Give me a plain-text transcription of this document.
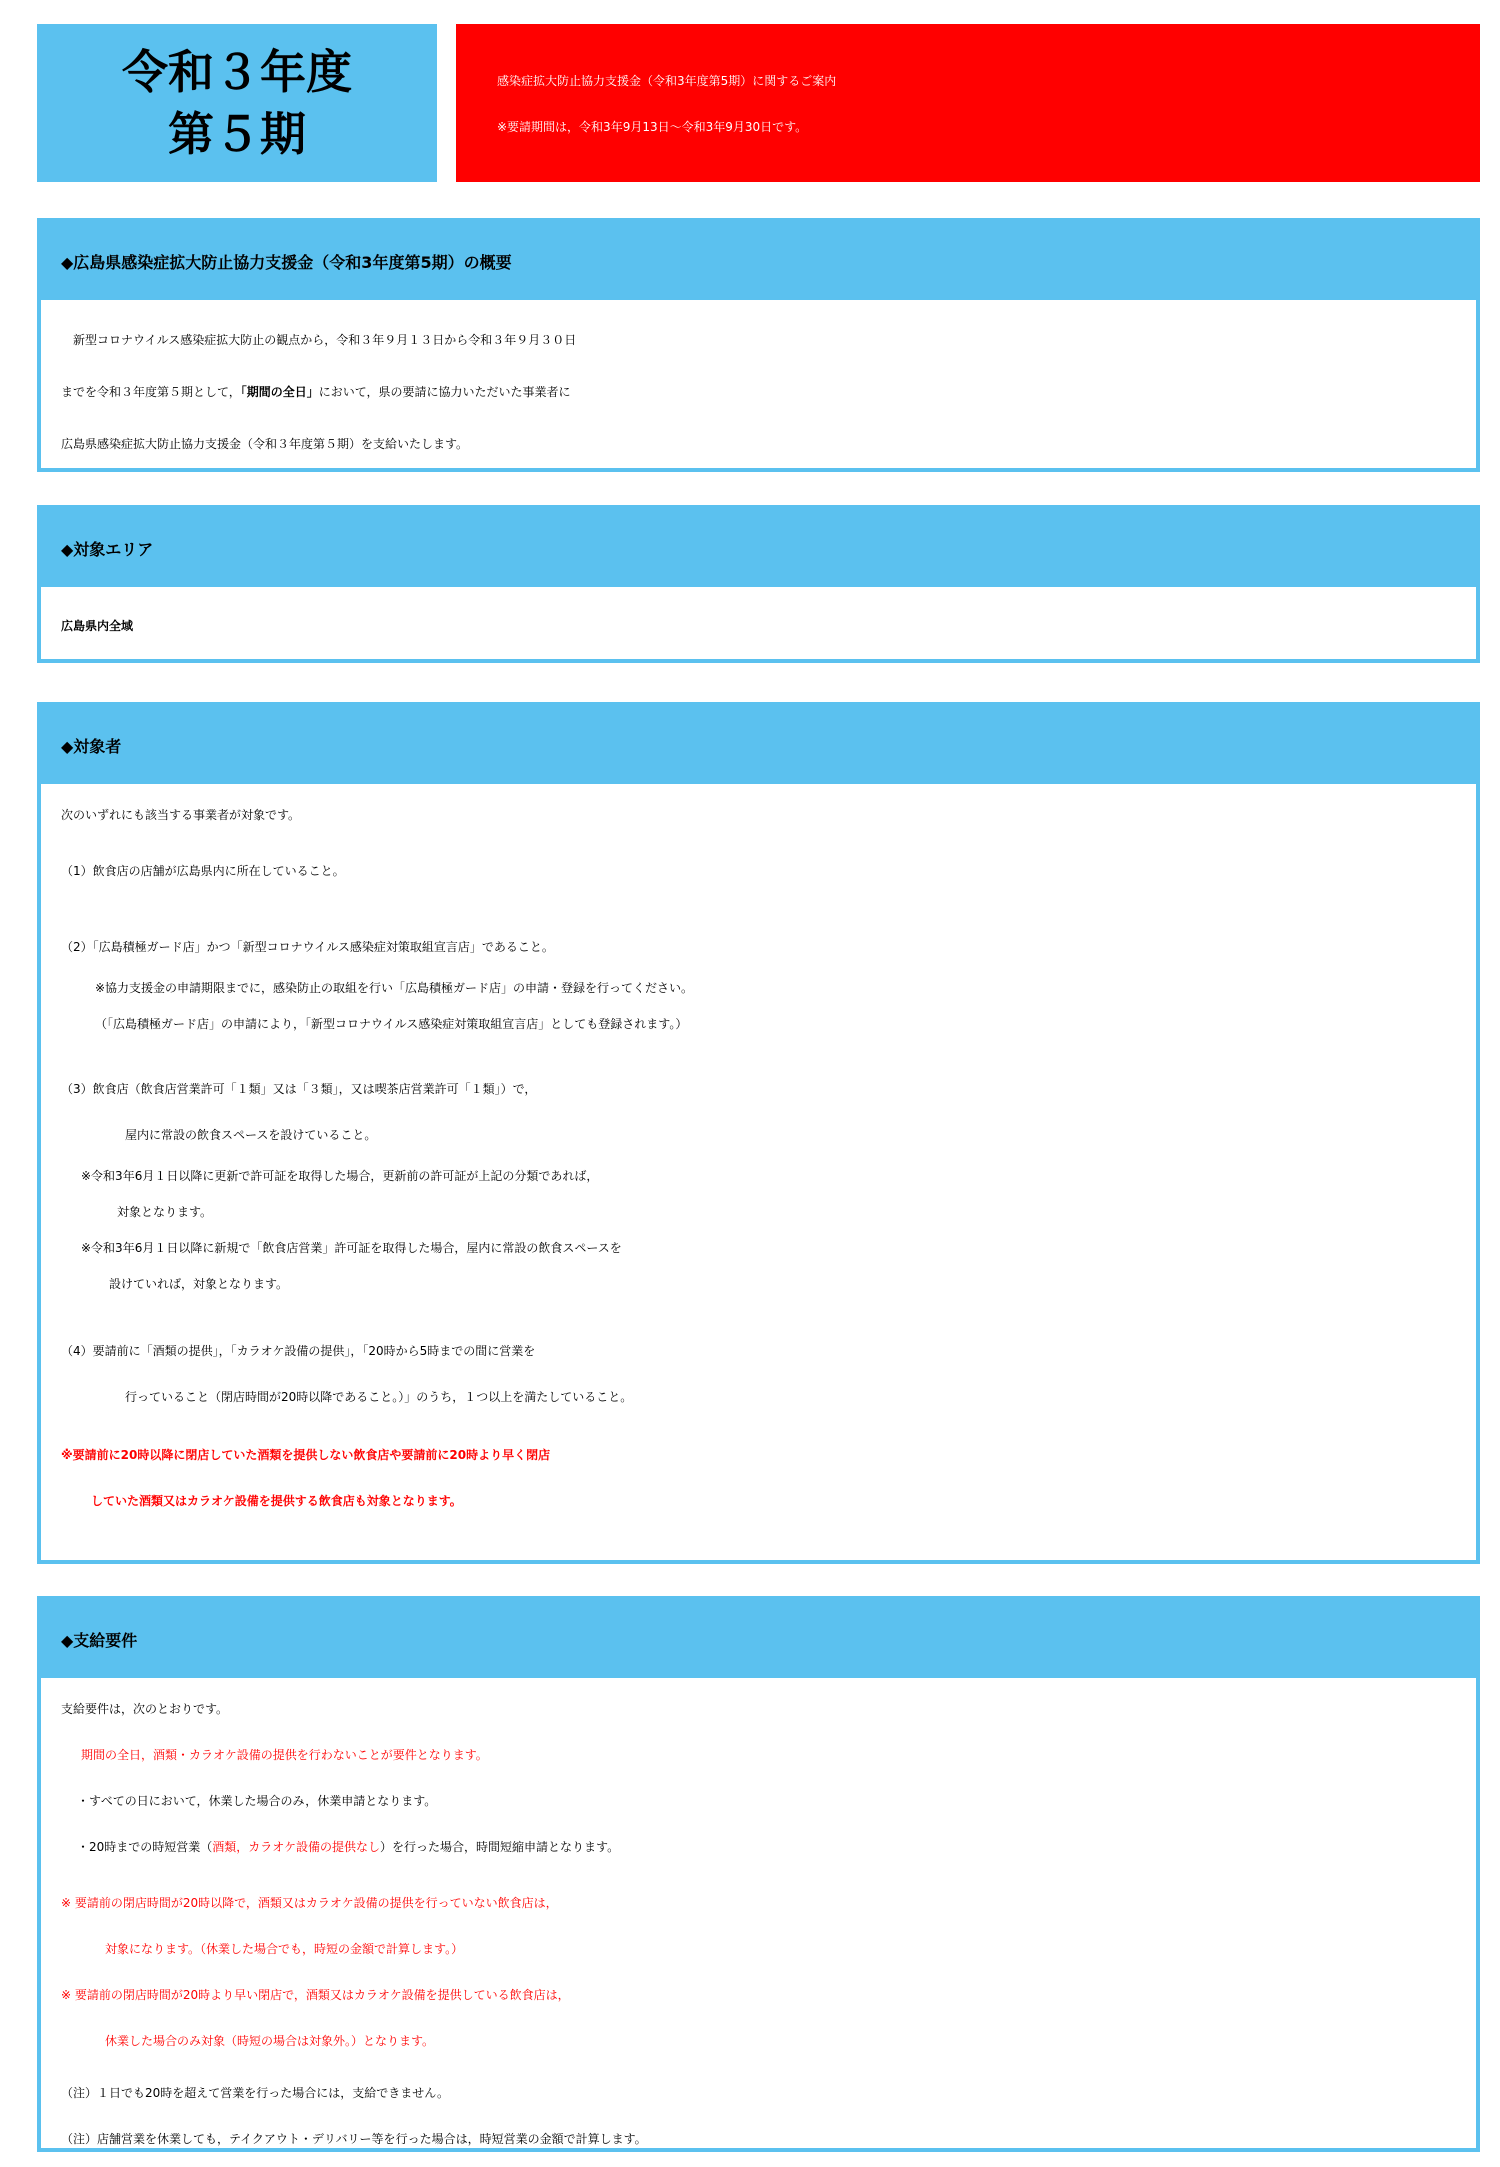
令和３年度
第５期
感染症拡大防止協力支援金（令和3年度第5期）に関するご案内
※要請期間は，令和3年9月13日～令和3年9月30日です。
◆広島県感染症拡大防止協力支援金（令和3年度第5期）の概要
　新型コロナウイルス感染症拡大防止の観点から，令和３年９月１３日から令和３年９月３０日
までを令和３年度第５期として，「期間の全日」において，県の要請に協力いただいた事業者に
広島県感染症拡大防止協力支援金（令和３年度第５期）を支給いたします。
◆対象エリア
広島県内全域
◆対象者
次のいずれにも該当する事業者が対象です。
（1）飲食店の店舗が広島県内に所在していること。
（2）「広島積極ガード店」かつ「新型コロナウイルス感染症対策取組宣言店」であること。
※協力支援金の申請期限までに，感染防止の取組を行い「広島積極ガード店」の申請・登録を行ってください。
（「広島積極ガード店」の申請により，「新型コロナウイルス感染症対策取組宣言店」としても登録されます。）
（3）飲食店（飲食店営業許可「１類」又は「３類」，又は喫茶店営業許可「１類」）で，
屋内に常設の飲食スペースを設けていること。
※令和3年6月１日以降に更新で許可証を取得した場合，更新前の許可証が上記の分類であれば，
対象となります。
※令和3年6月１日以降に新規で「飲食店営業」許可証を取得した場合，屋内に常設の飲食スペースを
設けていれば，対象となります。
（4）要請前に「酒類の提供」，「カラオケ設備の提供」，「20時から5時までの間に営業を
行っていること（閉店時間が20時以降であること。）」のうち，１つ以上を満たしていること。
※要請前に20時以降に閉店していた酒類を提供しない飲食店や要請前に20時より早く閉店
していた酒類又はカラオケ設備を提供する飲食店も対象となります。
◆支給要件
支給要件は，次のとおりです。
期間の全日，酒類・カラオケ設備の提供を行わないことが要件となります。
・すべての日において，休業した場合のみ，休業申請となります。
・20時までの時短営業（酒類，カラオケ設備の提供なし）を行った場合，時間短縮申請となります。
※ 要請前の閉店時間が20時以降で，酒類又はカラオケ設備の提供を行っていない飲食店は，
対象になります。（休業した場合でも，時短の金額で計算します。）
※ 要請前の閉店時間が20時より早い閉店で，酒類又はカラオケ設備を提供している飲食店は，
休業した場合のみ対象（時短の場合は対象外。）となります。
（注）１日でも20時を超えて営業を行った場合には，支給できません。
（注）店舗営業を休業しても，テイクアウト・デリバリー等を行った場合は，時短営業の金額で計算します。
